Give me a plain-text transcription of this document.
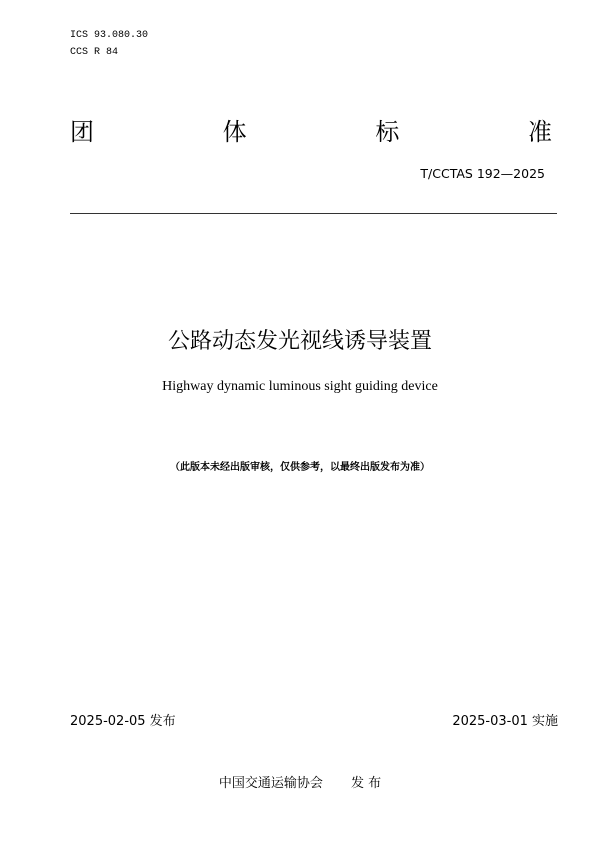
ICS 93.080.30
CCS R 84
团	体	标	准
T/CCTAS 192—2025
公路动态发光视线诱导装置
Highway dynamic luminous sight guiding device
（此版本未经出版审核，仅供参考，以最终出版发布为准）
2025-02-05 发布	2025-03-01 实施
中国交通运输协会 发 布
